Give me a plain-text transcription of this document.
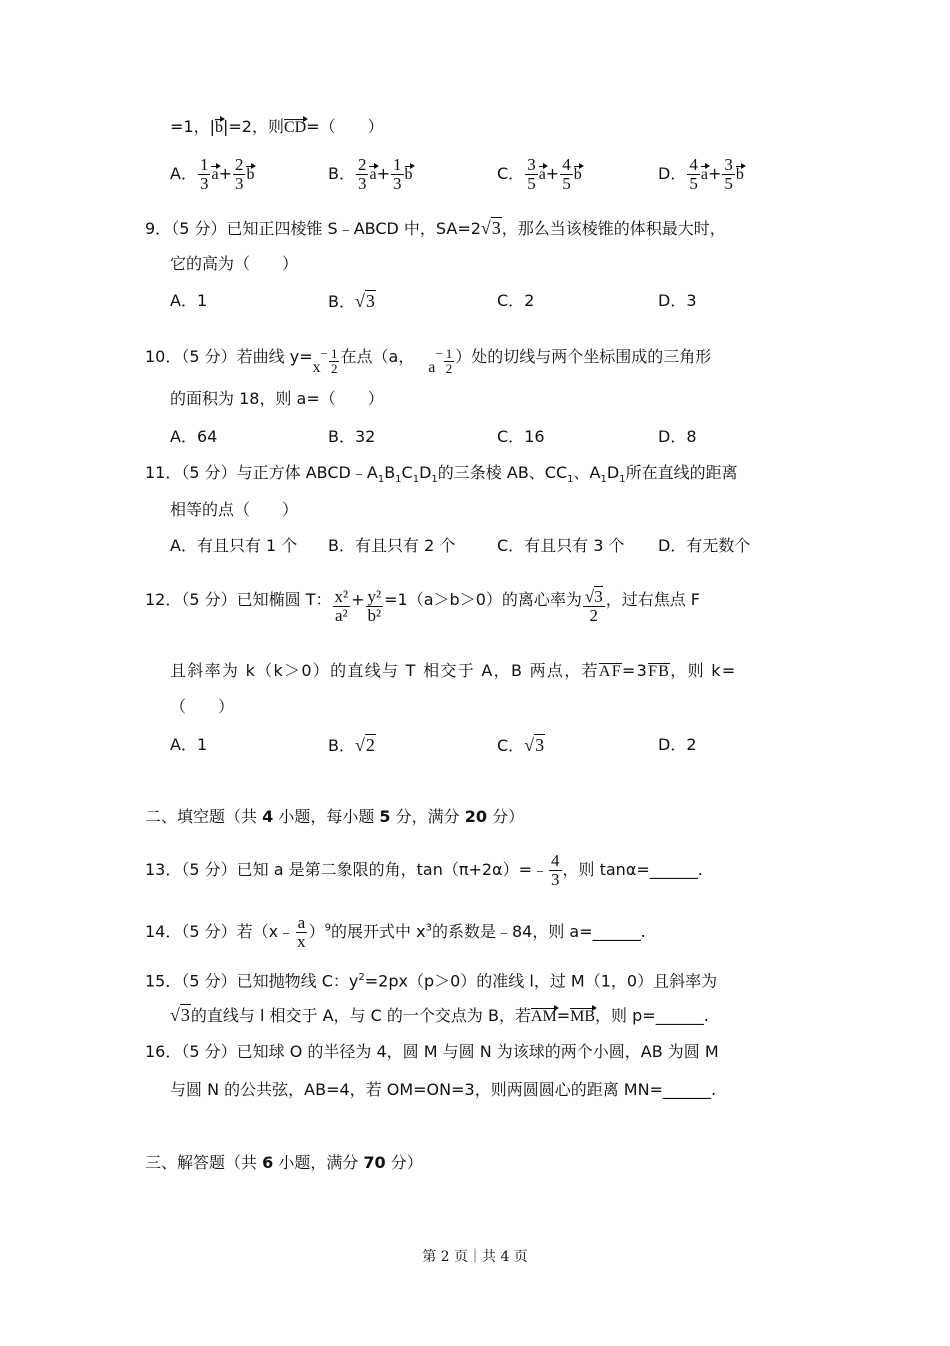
=1，|b|=2，则CD=（　　）
A． $\frac{1}{3} a+ \frac{2}{3}$ b	B． $\frac{2}{3} a+ \frac{1}{3}$ b	C． $\frac{3}{5} a+ \frac{4}{5}$ b	D． $\frac{4}{5} a+ \frac{3}{5}$ b
9．（5 分）已知正四棱锥 S﹣ABCD 中，SA=2√3，那么当该棱锥的体积最大时，
它的高为（　　）
A．1	B．√3	C．2	D．3
10．（5 分）若曲线 $y=x^- \frac{1}{2}$ 在点（a，$a^- \frac{1}{2}$ ）处的切线与两个坐标围成的三角形
的面积为 18，则 a=（　　）
A．64	B．32	C．16	D．8
11．（5 分）与正方体 $ABCD﹣A_1B_1C_1D_1$的三条棱 AB、$CC_1$、$A_1D_1$所在直线的距离
相等的点（　　）
A．有且只有 1 个 B．有且只有 2 个	C．有且只有 3 个 D．有无数个
12．（5 分）已知椭圆 T： $\frac{\text{x²}}{\text{a²}} + \frac{\text{y²}}{\text{b²}} =1(a>b>0)$的离心率为 $\frac{√3}{2}$ ，过右焦点 F
且斜率为 k（k＞0）的直线与 T 相交于 A，B 两点，若AF=3FB，则 k=
（　　）
A．1	B．√2	C．√3	D．2
二、填空题（共 4 小题，每小题 5 分，满分 20 分）
13．（5 分）已知 a 是第二象限的角，tan（π+2α）=﹣ $\frac{4}{3}$ ，则 tanα=______.
14．（5 分）若（x﹣ $\frac{a}{x} )^9$的展开式中 $x^3$的系数是﹣84，则 a=______.
15．（5 分）已知抛物线 C：$y^2=2px(p>0)$的准线 l，过 M（1，0）且斜率为
√3的直线与 l 相交于 A，与 C 的一个交点为 B，若AM=MB，则 p=______.
16．（5 分）已知球 O 的半径为 4，圆 M 与圆 N 为该球的两个小圆，AB 为圆 M
与圆 N 的公共弦，AB=4，若 OM=ON=3，则两圆圆心的距离 MN=______.
三、解答题（共 6 小题，满分 70 分）
第 2 页｜共 4 页
